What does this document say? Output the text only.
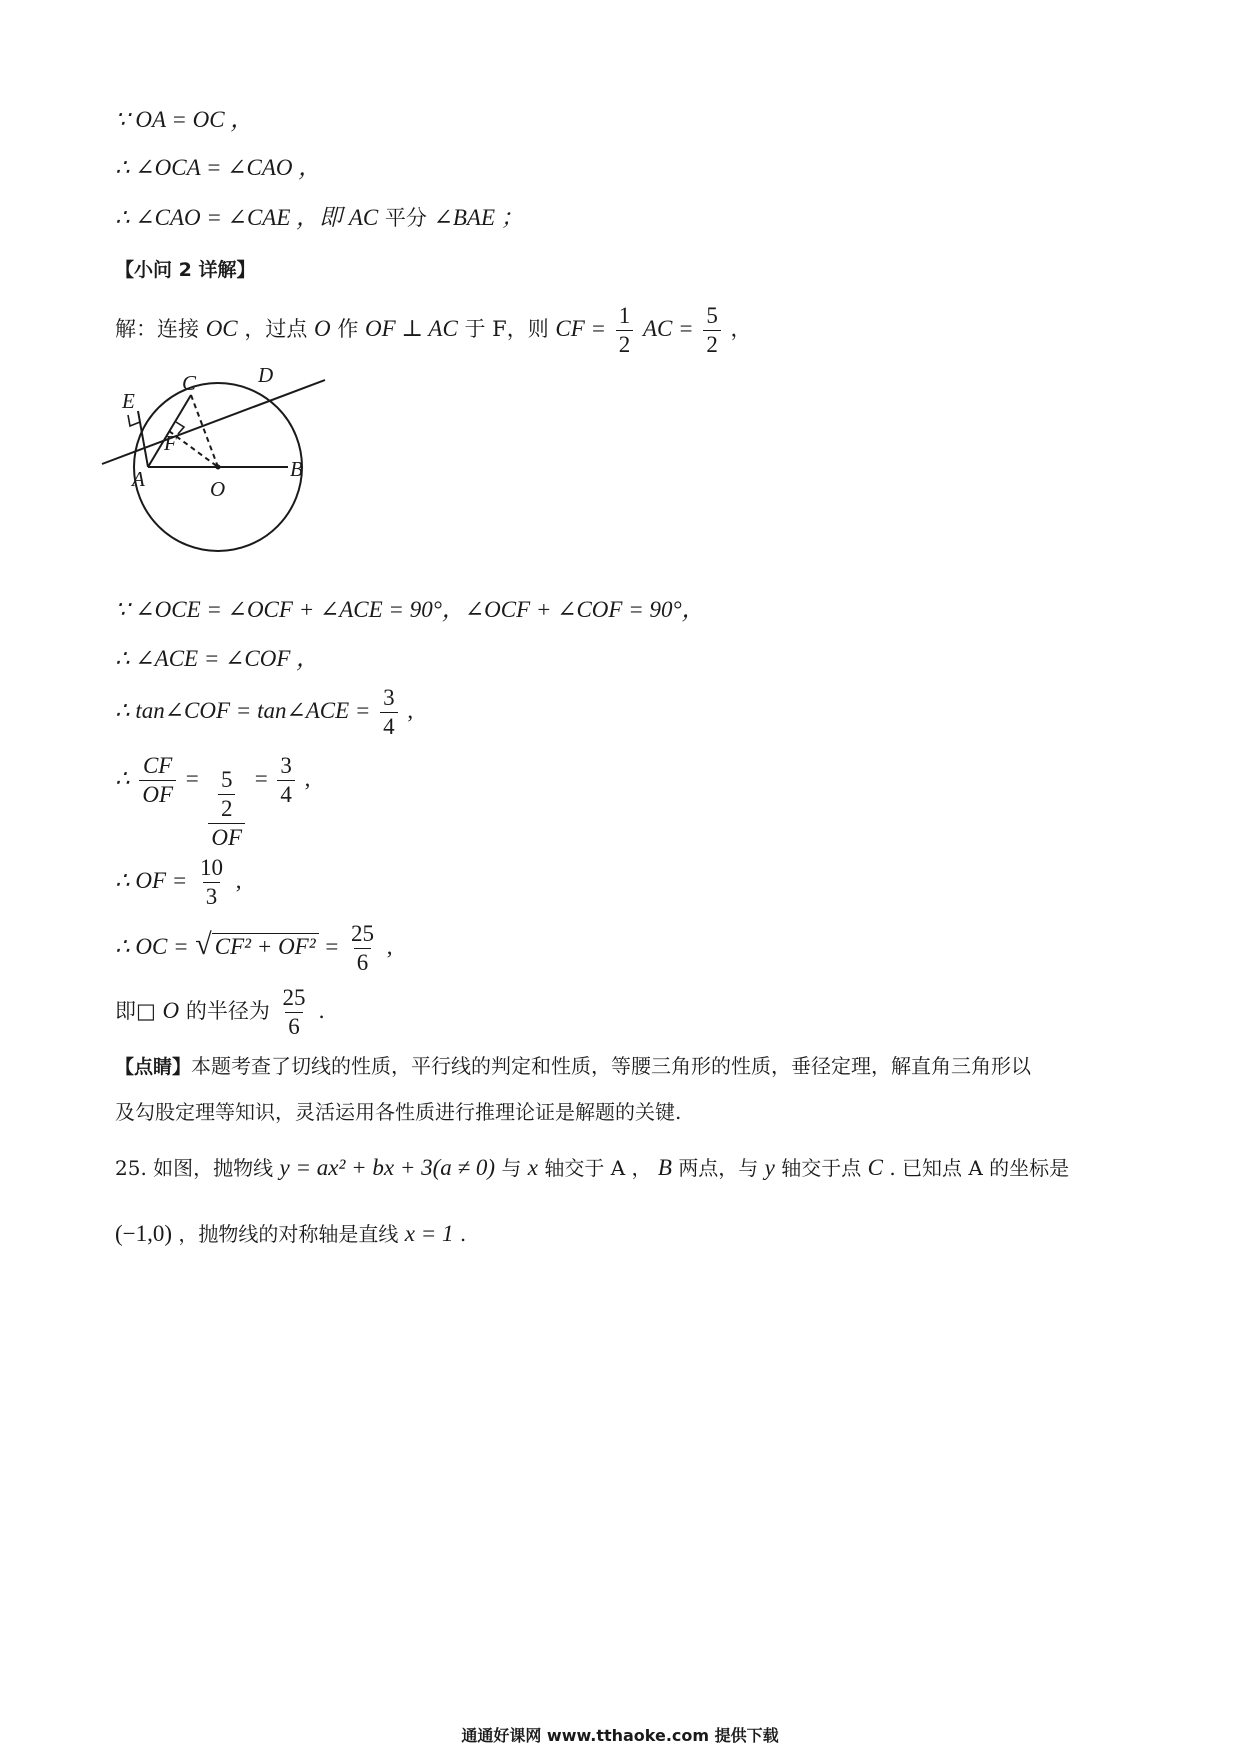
∵ OA = OC ，
∴ ∠OCA = ∠CAO ，
∴ ∠CAO = ∠CAE ，即 AC 平分 ∠BAE ；
【小问 2 详解】
解：连接 OC ，过点 O 作 OF ⊥ AC 于 F，则 CF = $\frac{1}{2}$ AC = $\frac{5}{2}$ ，
D
C
E
F
A	O
B
∵ ∠OCE = ∠OCF + ∠ACE = 90°，∠OCF + ∠COF = 90°，
∴ ∠ACE = ∠COF ，
∴ tan∠COF = tan∠ACE = $\frac{3}{4}$ ,
∴ $\frac{CF}{OF} = \frac{\frac{5}{2}}{OF} = \frac{3}{4}$ ,
∴ OF = $\frac{10}{3}$ ,
∴ OC = √ $CF^2 + OF^2 = \frac{25}{6}$ ,
即□ O 的半径为 $\frac{25}{6}$ .
【点睛】本题考查了切线的性质，平行线的判定和性质，等腰三角形的性质，垂径定理，解直角三角形以
及勾股定理等知识，灵活运用各性质进行推理论证是解题的关键.
25. 如图，抛物线 y = ax² + bx + 3(a ≠ 0) 与 x 轴交于 A ， B 两点，与 y 轴交于点 C . 已知点 A 的坐标是
(−1,0) ，抛物线的对称轴是直线 x = 1 .
通通好课网 www.tthaoke.com 提供下载
